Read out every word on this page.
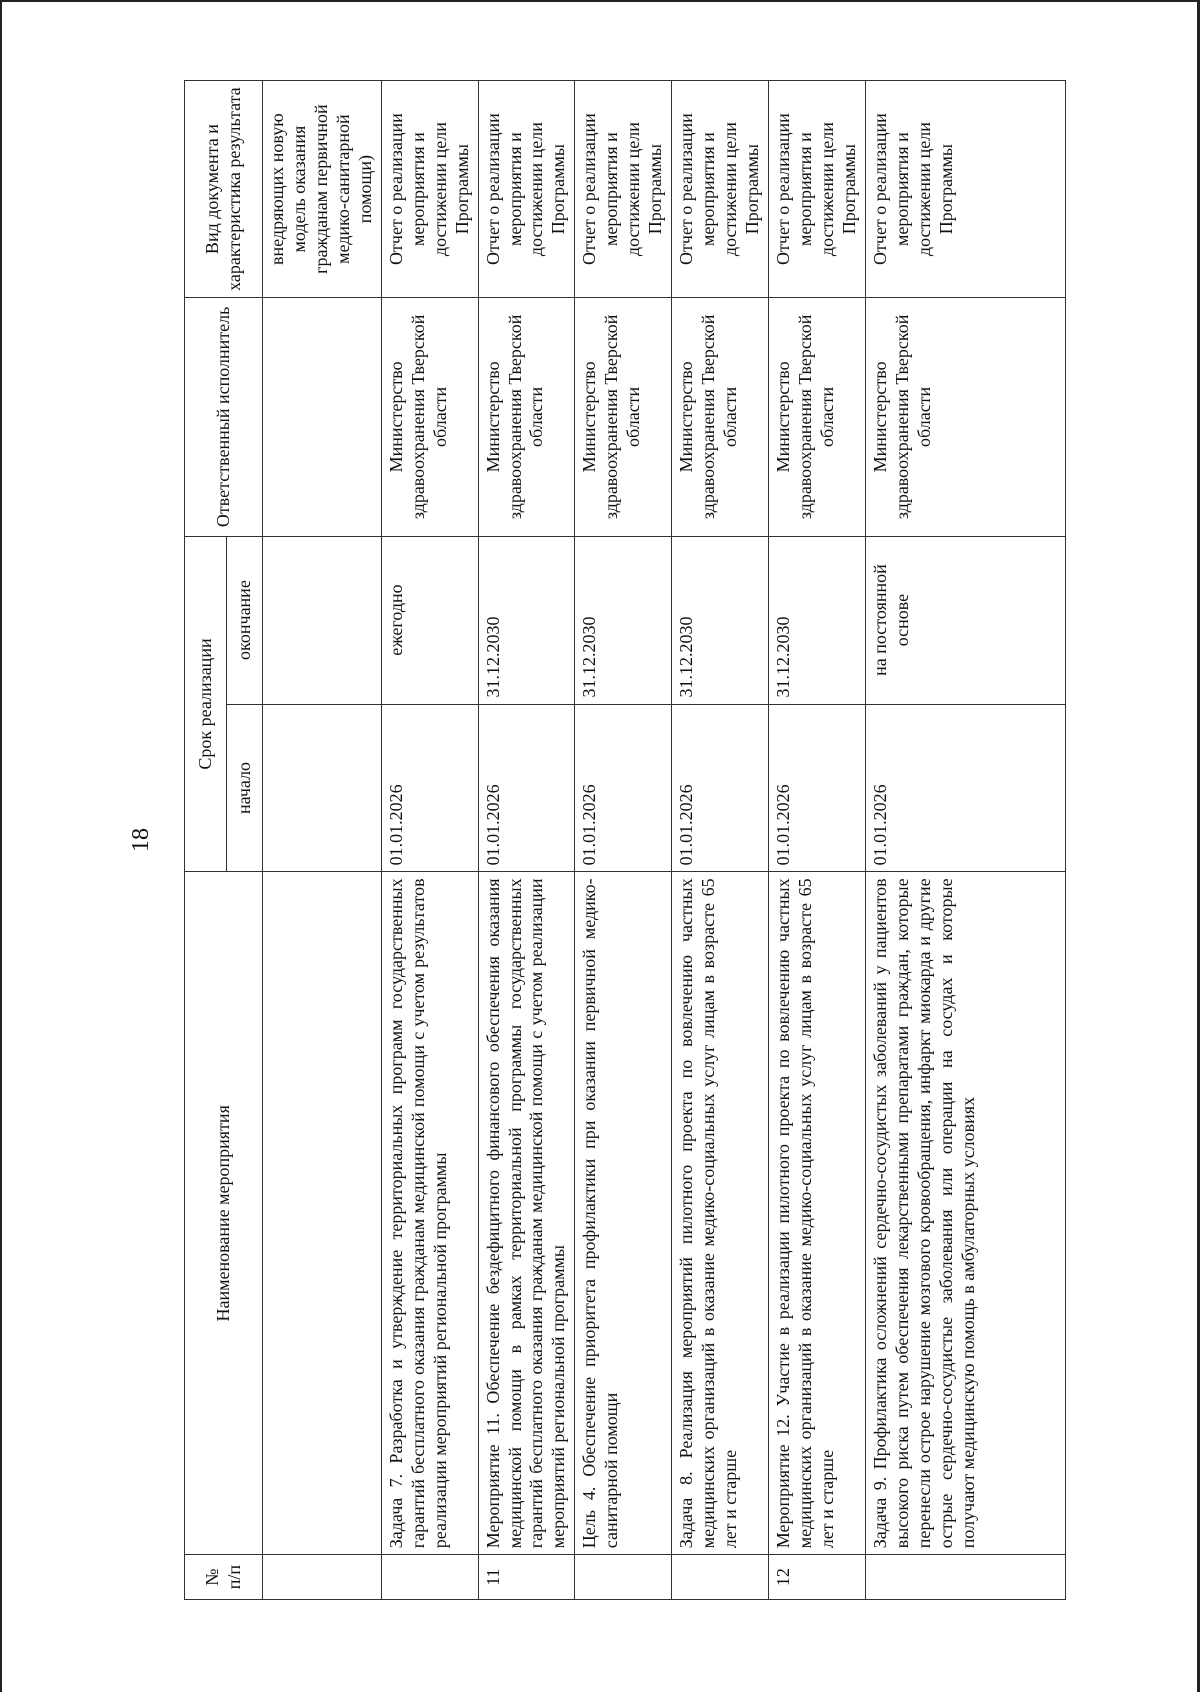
18
№ п/п	Наименование мероприятия	Срок реализации		Ответственный исполнитель	Вид документа и характеристика результата
		начало	окончание		
					внедряющих новую модель оказания гражданам первичной медико-санитарной помощи)
	Задача 7. Разработка и утверждение территориальных программ государственных гарантий бесплатного оказания гражданам медицинской помощи с учетом результатов реализации мероприятий региональной программы	01.01.2026	ежегодно	Министерство здравоохранения Тверской области	Отчет о реализации мероприятия и достижении цели Программы
11	Мероприятие 11. Обеспечение бездефицитного финансового обеспечения оказания медицинской помощи в рамках территориальной программы государственных гарантий бесплатного оказания гражданам медицинской помощи с учетом реализации мероприятий региональной программы	01.01.2026	31.12.2030	Министерство здравоохранения Тверской области	Отчет о реализации мероприятия и достижении цели Программы
	Цель 4. Обеспечение приоритета профилактики при оказании первичной медико-санитарной помощи	01.01.2026	31.12.2030	Министерство здравоохранения Тверской области	Отчет о реализации мероприятия и достижении цели Программы
	Задача 8. Реализация мероприятий пилотного проекта по вовлечению частных медицинских организаций в оказание медико-социальных услуг лицам в возрасте 65 лет и старше	01.01.2026	31.12.2030	Министерство здравоохранения Тверской области	Отчет о реализации мероприятия и достижении цели Программы
12	Мероприятие 12. Участие в реализации пилотного проекта по вовлечению частных медицинских организаций в оказание медико-социальных услуг лицам в возрасте 65 лет и старше	01.01.2026	31.12.2030	Министерство здравоохранения Тверской области	Отчет о реализации мероприятия и достижении цели Программы
	Задача 9. Профилактика осложнений сердечно-сосудистых заболеваний у пациентов высокого риска путем обеспечения лекарственными препаратами граждан, которые перенесли острое нарушение мозгового кровообращения, инфаркт миокарда и другие острые сердечно-сосудистые заболевания или операции на сосудах и которые получают медицинскую помощь в амбулаторных условиях	01.01.2026	на постоянной основе	Министерство здравоохранения Тверской области	Отчет о реализации мероприятия и достижении цели Программы
